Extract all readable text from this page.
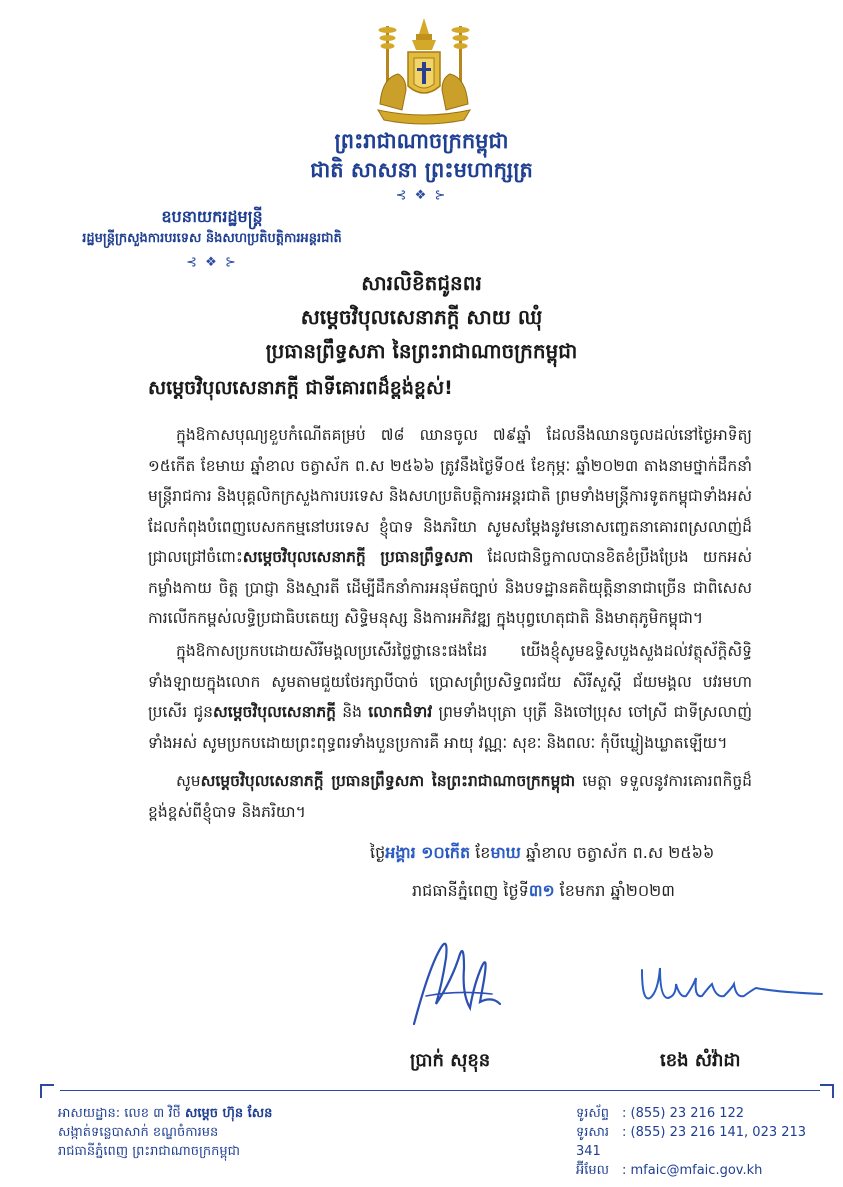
ព្រះរាជាណាចក្រកម្ពុជា
ជាតិ សាសនា ព្រះមហាក្សត្រ
⊰ ❖ ⊱
ឧបនាយករដ្ឋមន្ត្រី
រដ្ឋមន្ត្រីក្រសួងការបរទេស និងសហប្រតិបត្តិការអន្តរជាតិ
⊰ ❖ ⊱
សារលិខិតជូនពរ
សម្តេចវិបុលសេនាភក្តី សាយ ឈុំ
ប្រធានព្រឹទ្ធសភា នៃព្រះរាជាណាចក្រកម្ពុជា
សម្តេចវិបុលសេនាភក្តី ជាទីគោរពដ៏ខ្ពង់ខ្ពស់!
ក្នុងឱកាសបុណ្យខួបកំណើតគម្រប់ ៧៨ ឈានចូល ៧៩ឆ្នាំ ដែលនឹងឈានចូលដល់នៅថ្ងៃអាទិត្យ ១៥កើត ខែមាឃ ឆ្នាំខាល ចត្វាស័ក ព.ស ២៥៦៦ ត្រូវនឹងថ្ងៃទី០៥ ខែកុម្ភៈ ឆ្នាំ២០២៣ តាងនាមថ្នាក់ដឹកនាំ មន្ត្រីរាជការ និងបុគ្គលិកក្រសួងការបរទេស និងសហប្រតិបត្តិការអន្តរជាតិ ព្រមទាំងមន្ត្រីការទូតកម្ពុជាទាំងអស់ ដែលកំពុងបំពេញបេសកកម្មនៅបរទេស ខ្ញុំបាទ និងភរិយា សូមសម្តែងនូវមនោសញ្ចេតនាគោរពស្រលាញ់ដ៏ ជ្រាលជ្រៅចំពោះសម្តេចវិបុលសេនាភក្តី ប្រធានព្រឹទ្ធសភា ដែលជានិច្ចកាលបានខិតខំប្រឹងប្រែង យកអស់កម្លាំងកាយ ចិត្ត ប្រាជ្ញា និងស្មារតី ដើម្បីដឹកនាំការអនុម័តច្បាប់ និងបទដ្ឋានគតិយុត្តិនានាជាច្រើន ជាពិសេសការលើកកម្ពស់លទ្ធិប្រជាធិបតេយ្យ សិទ្ធិមនុស្ស និងការអភិវឌ្ឍ ក្នុងបុព្វហេតុជាតិ និងមាតុភូមិកម្ពុជា។
ក្នុងឱកាសប្រកបដោយសិរីមង្គលប្រសើរថ្លៃថ្លានេះផងដែរ យើងខ្ញុំសូមឧទ្ទិសបួងសួងដល់វត្ថុស័ក្តិសិទ្ធិ ទាំងឡាយក្នុងលោក សូមតាមជួយថែរក្សាបីបាច់ ប្រោសព្រំប្រសិទ្ធពរជ័យ សិរីសួស្តី ជ័យមង្គល បវរមហាប្រសើរ ជូនសម្តេចវិបុលសេនាភក្តី និង លោកជំទាវ ព្រមទាំងបុត្រា បុត្រី និងចៅប្រុស ចៅស្រី ជាទីស្រលាញ់ ទាំងអស់ សូមប្រកបដោយព្រះពុទ្ធពរទាំងបួនប្រការគឺ អាយុ វណ្ណៈ សុខៈ និងពលៈ កុំបីឃ្លៀងឃ្លាតឡើយ។
សូមសម្តេចវិបុលសេនាភក្តី ប្រធានព្រឹទ្ធសភា នៃព្រះរាជាណាចក្រកម្ពុជា មេត្តា ទទួលនូវការគោរពកិច្ចដ៏ខ្ពង់ខ្ពស់ពីខ្ញុំបាទ និងភរិយា។
ថ្ងៃអង្គារ ១០កើត ខែមាឃ ឆ្នាំខាល ចត្វាស័ក ព.ស ២៥៦៦
រាជធានីភ្នំពេញ ថ្ងៃទី៣១ ខែមករា ឆ្នាំ២០២៣
ប្រាក់ សុខុន	ខេង សំវ៉ាដា
អាសយដ្ឋាន: លេខ ៣ វិថី សម្តេច ហ៊ុន សែន
សង្កាត់ទន្លេបាសាក់ ខណ្ឌចំការមន
រាជធានីភ្នំពេញ ព្រះរាជាណាចក្រកម្ពុជា
ទូរស័ព្ទ : (855) 23 216 122
ទូរសារ : (855) 23 216 141, 023 213 341
អ៊ីមែល : mfaic@mfaic.gov.kh
